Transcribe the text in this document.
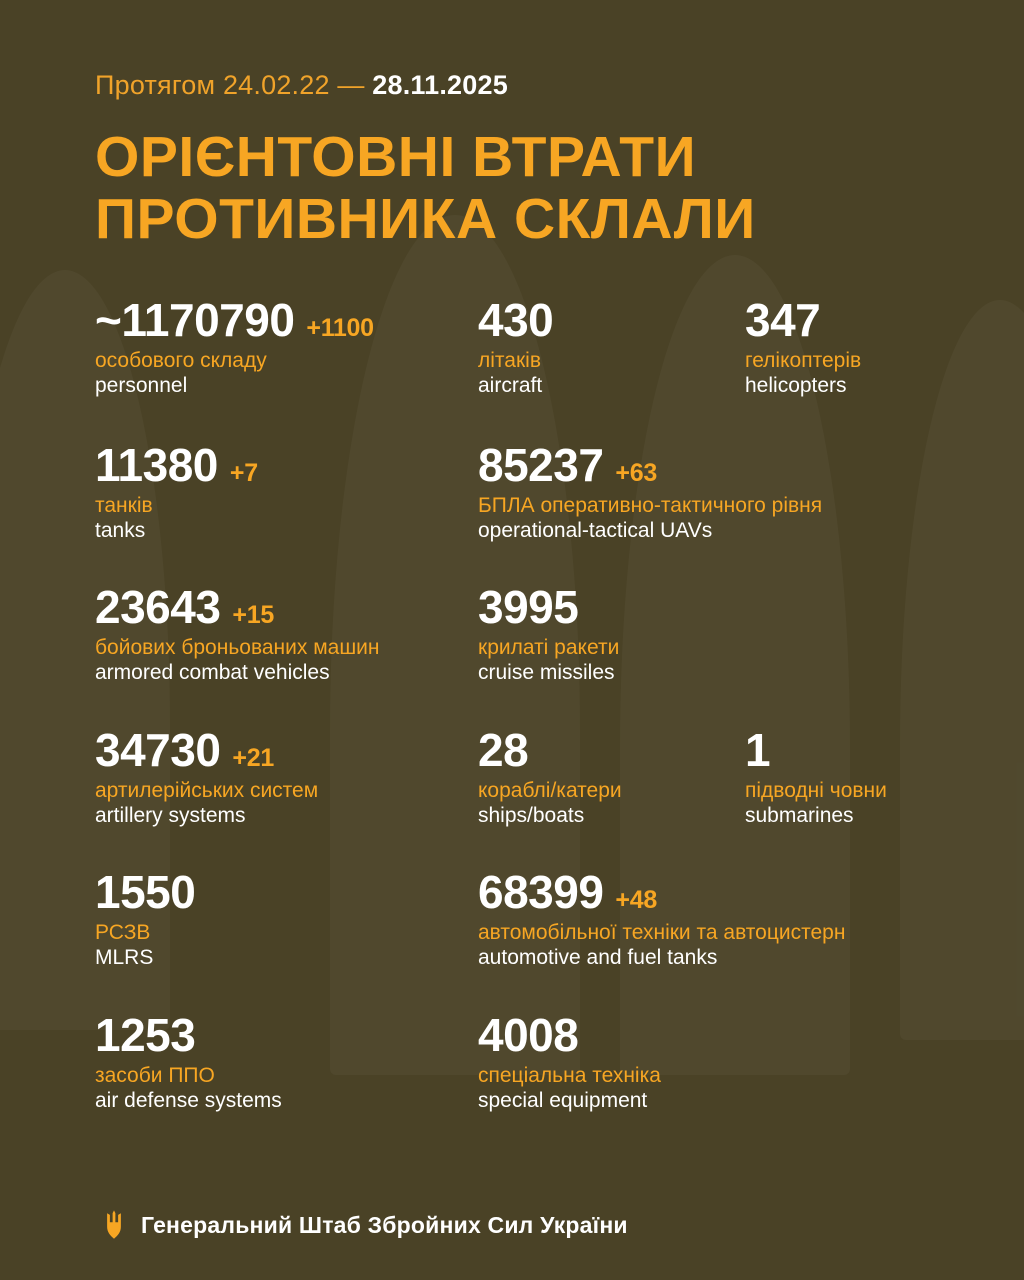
Протягом 24.02.22 — 28.11.2025
ОРІЄНТОВНІ ВТРАТИ
ПРОТИВНИКА СКЛАЛИ
~1170790 +1100
особового складу
personnel
11380 +7
танків
tanks
23643 +15
бойових броньованих машин
armored combat vehicles
34730 +21
артилерійських систем
artillery systems
1550
РСЗВ
MLRS
1253
засоби ППО
air defense systems
430
літаків
aircraft
85237 +63
БПЛА оперативно-тактичного рівня
operational-tactical UAVs
3995
крилаті ракети
cruise missiles
28
кораблі/катери
ships/boats
68399 +48
автомобільної техніки та автоцистерн
automotive and fuel tanks
4008
спеціальна техніка
special equipment
347
гелікоптерів
helicopters
1
підводні човни
submarines
Генеральний Штаб Збройних Сил України
